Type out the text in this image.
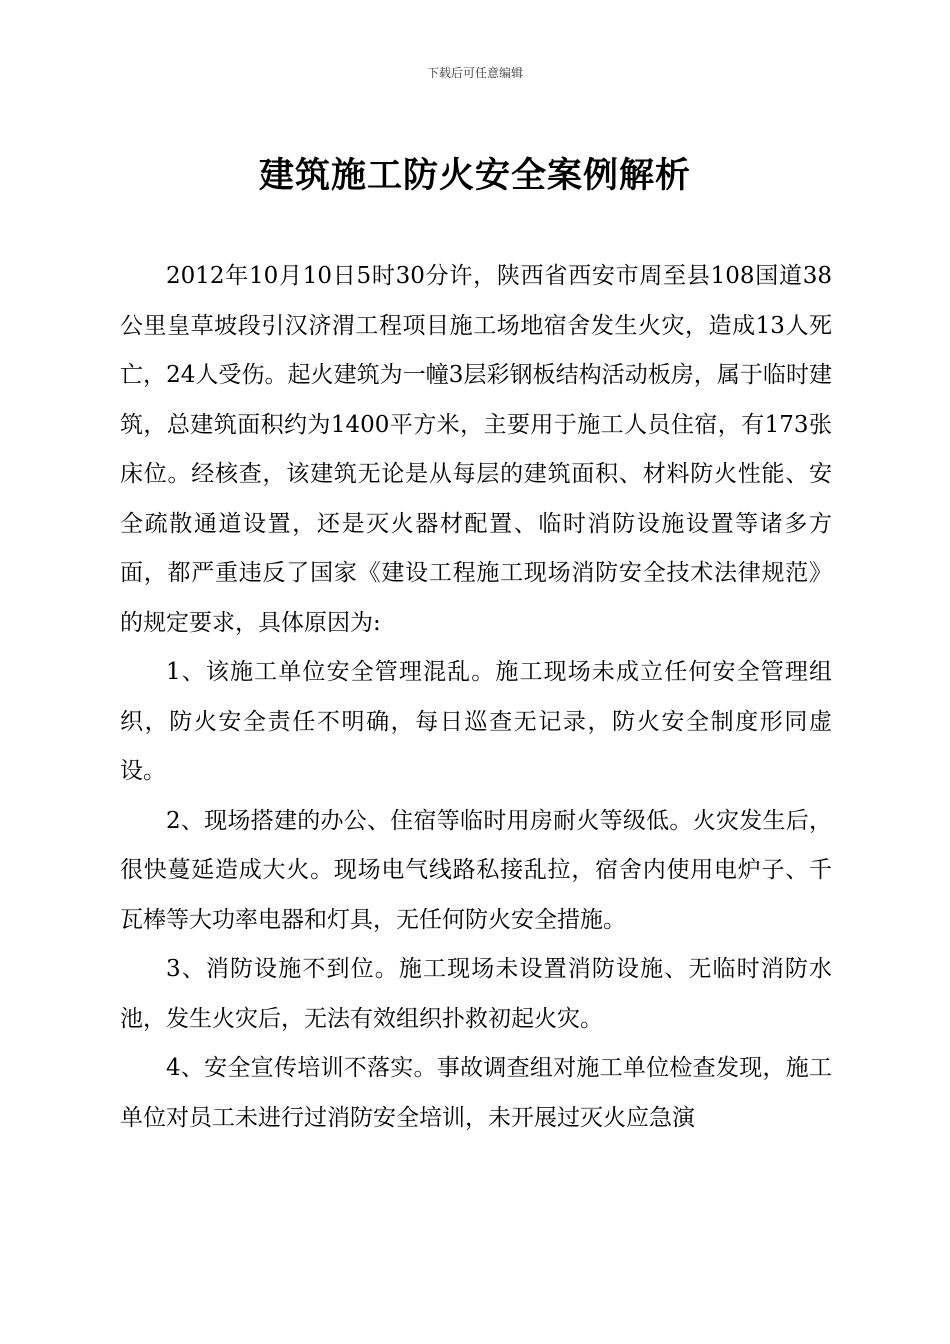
下载后可任意编辑
建筑施工防火安全案例解析

2012年10月10日5时30分许，陕西省西安市周至县108国道38公里皇草坡段引汉济渭工程项目施工场地宿舍发生火灾，造成13人死亡，24人受伤。起火建筑为一幢3层彩钢板结构活动板房，属于临时建筑，总建筑面积约为1400平方米，主要用于施工人员住宿，有173张床位。经核查，该建筑无论是从每层的建筑面积、材料防火性能、安全疏散通道设置，还是灭火器材配置、临时消防设施设置等诸多方面，都严重违反了国家《建设工程施工现场消防安全技术法律规范》的规定要求，具体原因为:

1、该施工单位安全管理混乱。施工现场未成立任何安全管理组织，防火安全责任不明确，每日巡查无记录，防火安全制度形同虚设。

2、现场搭建的办公、住宿等临时用房耐火等级低。火灾发生后，很快蔓延造成大火。现场电气线路私接乱拉，宿舍内使用电炉子、千瓦棒等大功率电器和灯具，无任何防火安全措施。

3、消防设施不到位。施工现场未设置消防设施、无临时消防水池，发生火灾后，无法有效组织扑救初起火灾。

4、安全宣传培训不落实。事故调查组对施工单位检查发现，施工单位对员工未进行过消防安全培训，未开展过灭火应急演
